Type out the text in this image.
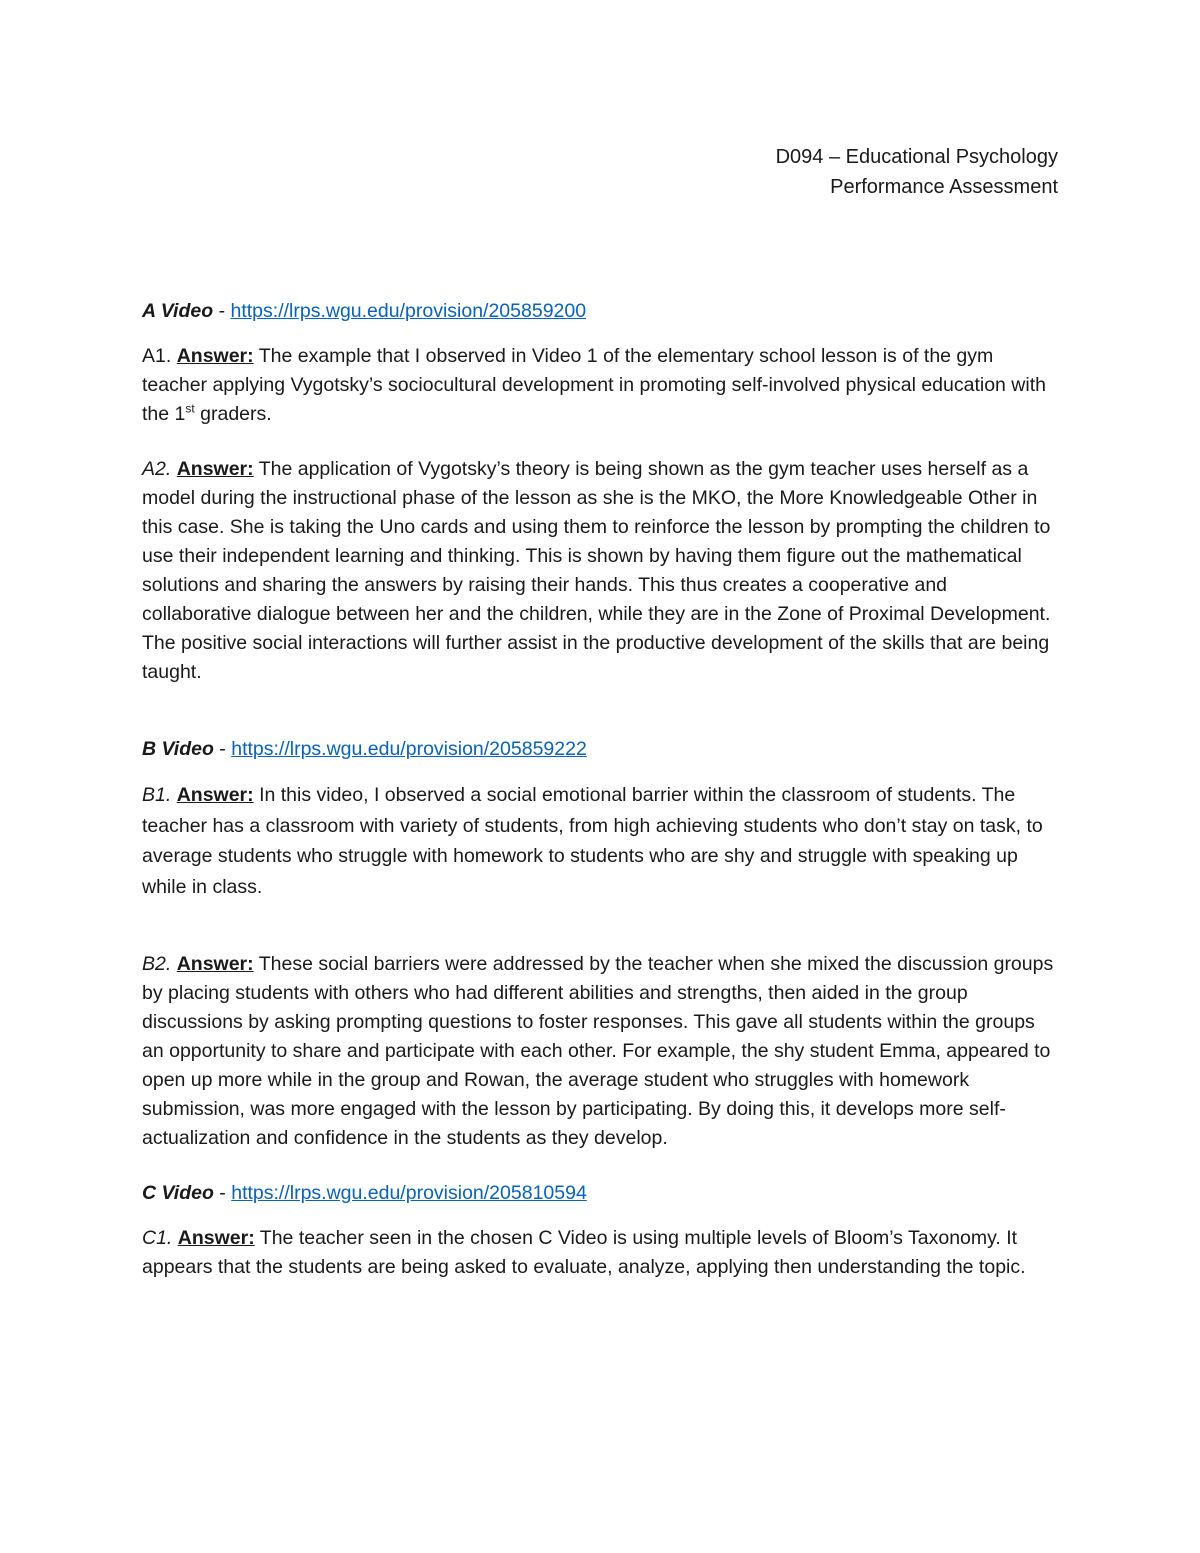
D094 – Educational Psychology
Performance Assessment

A Video - https://lrps.wgu.edu/provision/205859200

A1. Answer: The example that I observed in Video 1 of the elementary school lesson is of the gym teacher applying Vygotsky’s sociocultural development in promoting self-involved physical education with the 1st graders.

A2. Answer: The application of Vygotsky’s theory is being shown as the gym teacher uses herself as a model during the instructional phase of the lesson as she is the MKO, the More Knowledgeable Other in this case. She is taking the Uno cards and using them to reinforce the lesson by prompting the children to use their independent learning and thinking. This is shown by having them figure out the mathematical solutions and sharing the answers by raising their hands. This thus creates a cooperative and collaborative dialogue between her and the children, while they are in the Zone of Proximal Development. The positive social interactions will further assist in the productive development of the skills that are being taught.

B Video - https://lrps.wgu.edu/provision/205859222

B1. Answer: In this video, I observed a social emotional barrier within the classroom of students. The teacher has a classroom with variety of students, from high achieving students who don’t stay on task, to average students who struggle with homework to students who are shy and struggle with speaking up while in class.

B2. Answer: These social barriers were addressed by the teacher when she mixed the discussion groups by placing students with others who had different abilities and strengths, then aided in the group discussions by asking prompting questions to foster responses. This gave all students within the groups an opportunity to share and participate with each other. For example, the shy student Emma, appeared to open up more while in the group and Rowan, the average student who struggles with homework submission, was more engaged with the lesson by participating. By doing this, it develops more self-actualization and confidence in the students as they develop.

C Video - https://lrps.wgu.edu/provision/205810594

C1. Answer: The teacher seen in the chosen C Video is using multiple levels of Bloom’s Taxonomy. It appears that the students are being asked to evaluate, analyze, applying then understanding the topic.
